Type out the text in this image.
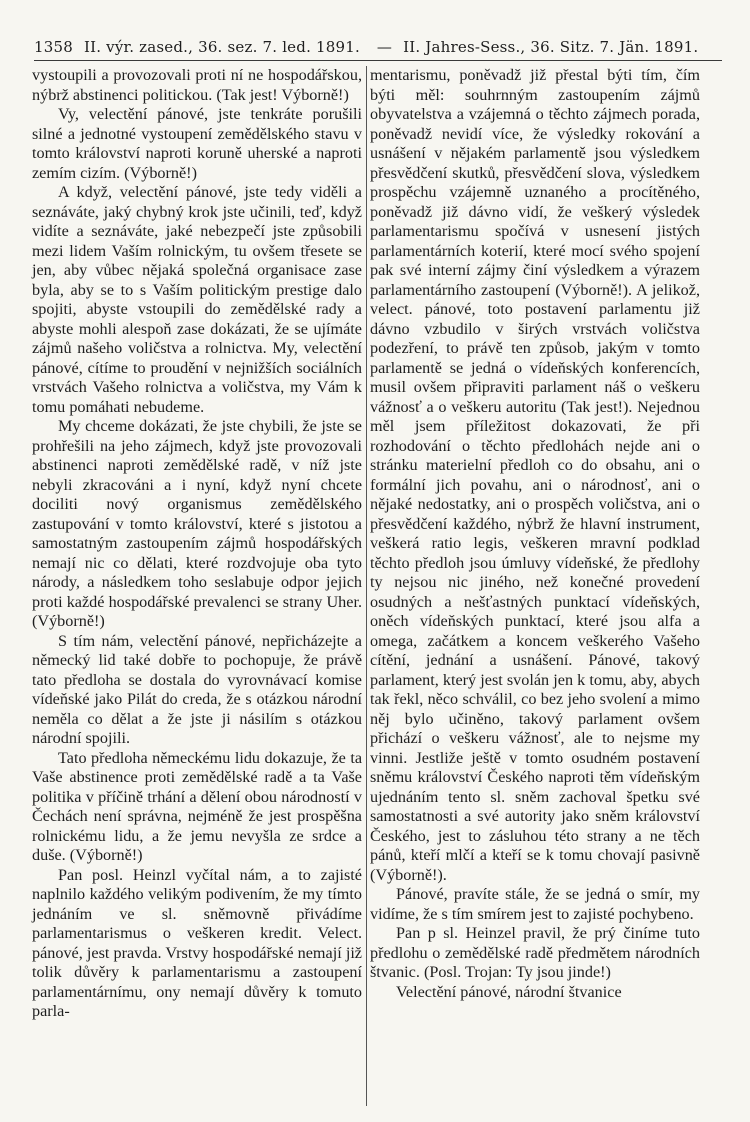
1358 II. výr. zased., 36. sez. 7. led. 1891. — II. Jahres-Sess., 36. Sitz. 7. Jän. 1891.

vystoupili a provozovali proti ní ne hospodářskou, nýbrž abstinenci politickou. (Tak jest! Výborně!)

Vy, velectění pánové, jste tenkráte porušili silné a jednotné vystoupení zemědělského stavu v tomto království naproti koruně uherské a naproti zemím cizím. (Výborně!)

A když, velectění pánové, jste tedy viděli a seznáváte, jaký chybný krok jste učinili, teď, když vidíte a seznáváte, jaké nebezpečí jste způsobili mezi lidem Vaším rolnickým, tu ovšem třesete se jen, aby vůbec nějaká společná organisace zase byla, aby se to s Vaším politickým prestige dalo spojiti, abyste vstoupili do zemědělské rady a abyste mohli alespoň zase dokázati, že se ujímáte zájmů našeho voličstva a rolnictva. My, velectění pánové, cítíme to proudění v nejnižších sociálních vrstvách Vašeho rolnictva a voličstva, my Vám k tomu pomáhati nebudeme.

My chceme dokázati, že jste chybili, že jste se prohřešili na jeho zájmech, když jste provozovali abstinenci naproti zemědělské radě, v níž jste nebyli zkracováni a i nyní, když nyní chcete dociliti nový organismus zemědělského zastupování v tomto království, které s jistotou a samostatným zastoupením zájmů hospodářských nemají nic co dělati, které rozdvojuje oba tyto národy, a následkem toho seslabuje odpor jejich proti každé hospodářské prevalenci se strany Uher. (Výborně!)

S tím nám, velectění pánové, nepřicházejte a německý lid také dobře to pochopuje, že právě tato předloha se dostala do vyrovnávací komise vídeňské jako Pilát do creda, že s otázkou národní neměla co dělat a že jste ji násilím s otázkou národní spojili.

Tato předloha německému lidu dokazuje, že ta Vaše abstinence proti zemědělské radě a ta Vaše politika v příčině trhání a dělení obou národností v Čechách není správna, nejméně že jest prospěšna rolnickému lidu, a že jemu nevyšla ze srdce a duše. (Výborně!)

Pan posl. Heinzl vyčítal nám, a to zajisté naplnilo každého velikým podivením, že my tímto jednáním ve sl. sněmovně přivádíme parlamentarismus o veškeren kredit. Velect. pánové, jest pravda. Vrstvy hospodářské nemají již tolik důvěry k parlamentarismu a zastoupení parlamentárnímu, ony nemají důvěry k tomuto parla-

mentarismu, poněvadž již přestal býti tím, čím býti měl: souhrnným zastoupením zájmů obyvatelstva a vzájemná o těchto zájmech porada, poněvadž nevidí více, že výsledky rokování a usnášení v nějakém parlamentě jsou výsledkem přesvědčení skutků, přesvědčení slova, výsledkem prospěchu vzájemně uznaného a procítěného, poněvadž již dávno vidí, že veškerý výsledek parlamentarismu spočívá v usnesení jistých parlamentárních koterií, které mocí svého spojení pak své interní zájmy činí výsledkem a výrazem parlamentárního zastoupení (Výborně!). A jelikož, velect. pánové, toto postavení parlamentu již dávno vzbudilo v širých vrstvách voličstva podezření, to právě ten způsob, jakým v tomto parlamentě se jedná o vídeňských konferencích, musil ovšem připraviti parlament náš o veškeru vážnosť a o veškeru autoritu (Tak jest!). Nejednou měl jsem příležitost dokazovati, že při rozhodování o těchto předlohách nejde ani o stránku materielní předloh co do obsahu, ani o formální jich povahu, ani o národnosť, ani o nějaké nedostatky, ani o prospěch voličstva, ani o přesvědčení každého, nýbrž že hlavní instrument, veškerá ratio legis, veškeren mravní podklad těchto předloh jsou úmluvy vídeňské, že předlohy ty nejsou nic jiného, než konečné provedení osudných a nešťastných punktací vídeňských, oněch vídeňských punktací, které jsou alfa a omega, začátkem a koncem veškerého Vašeho cítění, jednání a usnášení. Pánové, takový parlament, který jest svolán jen k tomu, aby, abych tak řekl, něco schválil, co bez jeho svolení a mimo něj bylo učiněno, takový parlament ovšem přichází o veškeru vážnosť, ale to nejsme my vinni. Jestliže ještě v tomto osudném postavení sněmu království Českého naproti těm vídeňským ujednáním tento sl. sněm zachoval špetku své samostatnosti a své autority jako sněm království Českého, jest to zásluhou této strany a ne těch pánů, kteří mlčí a kteří se k tomu chovají pasivně (Výborně!).

Pánové, pravíte stále, že se jedná o smír, my vidíme, že s tím smírem jest to zajisté pochybeno.

Pan p sl. Heinzel pravil, že prý činíme tuto předlohu o zemědělské radě předmětem národních štvanic. (Posl. Trojan: Ty jsou jinde!)

Velectění pánové, národní štvanice
